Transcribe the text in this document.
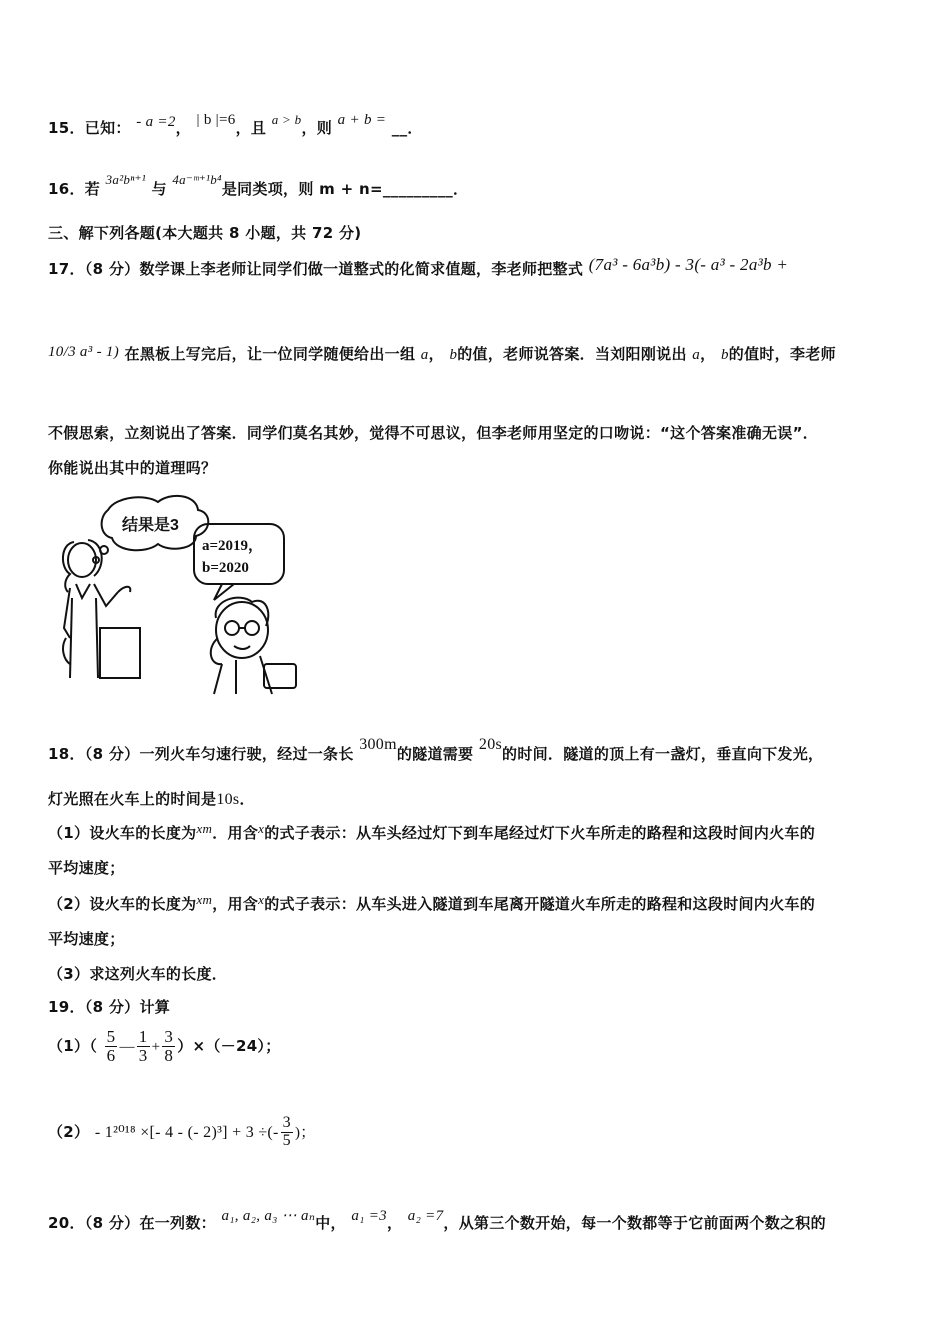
15．已知： - a =2， | b |=6，且 a > b，则 a + b = __．
16．若 3a²bⁿ⁺¹ 与 4a⁻ᵐ⁺¹b⁴是同类项，则 m + n=_________．
三、解下列各题(本大题共 8 小题，共 72 分)
17．（8 分）数学课上李老师让同学们做一道整式的化简求值题，李老师把整式 (7a³ - 6a³b) - 3(- a³ - 2a³b +
10/3 a³ - 1) 在黑板上写完后，让一位同学随便给出一组 a， b的值，老师说答案．当刘阳刚说出 a， b的值时，李老师
不假思索，立刻说出了答案．同学们莫名其妙，觉得不可思议，但李老师用坚定的口吻说：“这个答案准确无误”．
你能说出其中的道理吗？
结果是3
a=2019，
b=2020
18．（8 分）一列火车匀速行驶，经过一条长 300m的隧道需要 20s的时间．隧道的顶上有一盏灯，垂直向下发光，
灯光照在火车上的时间是10s．
（1）设火车的长度为xm．用含x的式子表示：从车头经过灯下到车尾经过灯下火车所走的路程和这段时间内火车的
平均速度；
（2）设火车的长度为xm，用含x的式子表示：从车头进入隧道到车尾离开隧道火车所走的路程和这段时间内火车的
平均速度；
（3）求这列火车的长度．
19．（8 分）计算
$(1)( \frac{5}{6}$ — $\frac{1}{3} + \frac{3}{8} )\times(-24)$；
（2） - 1²⁰¹⁸ ×[- 4 - (- 2)³] + 3 ÷(- $\frac{3}{5}$ )；
20．（8 分）在一列数： a₁, a₂, a₃ ⋯ aₙ中， a₁ =3， a₂ =7，从第三个数开始，每一个数都等于它前面两个数之积的
